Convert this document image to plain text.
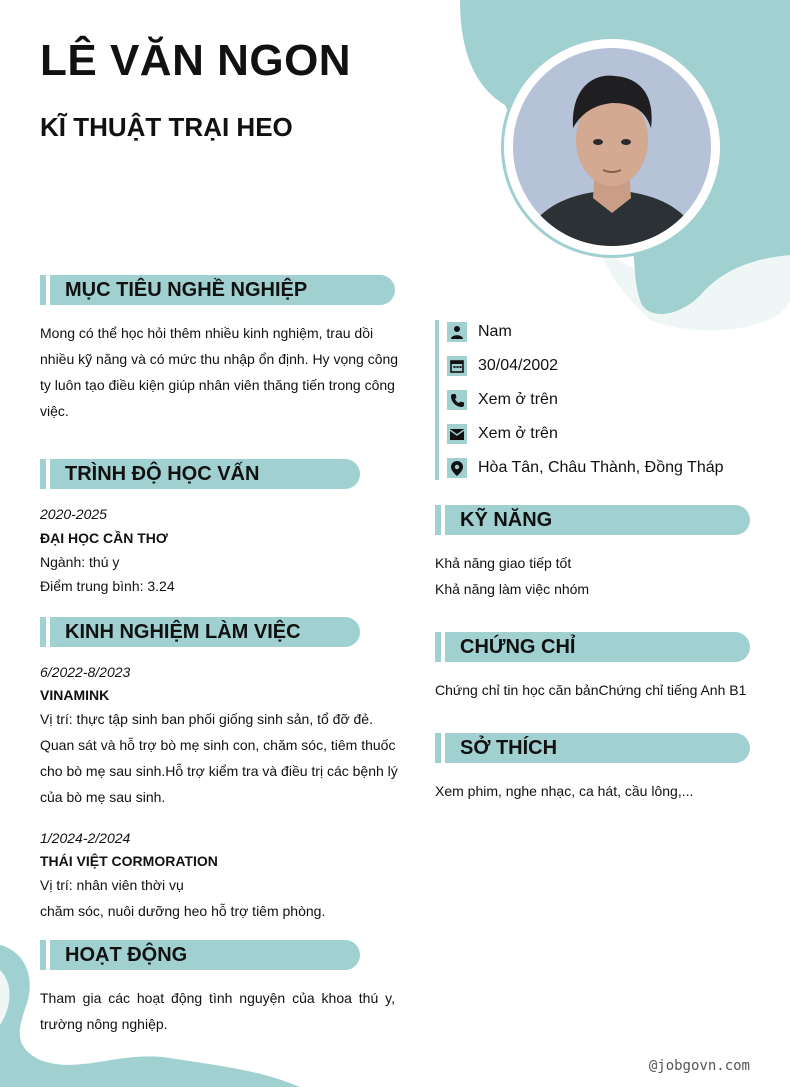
LÊ VĂN NGON
KĨ THUẬT TRẠI HEO
MỤC TIÊU NGHỀ NGHIỆP
Mong có thể học hỏi thêm nhiều kinh nghiệm, trau dồi
nhiều kỹ năng và có mức thu nhập ổn định. Hy vọng công
ty luôn tạo điều kiện giúp nhân viên thăng tiến trong công
việc.
TRÌNH ĐỘ HỌC VẤN
2020-2025
ĐẠI HỌC CẦN THƠ
Ngành: thú y
Điểm trung bình: 3.24
KINH NGHIỆM LÀM VIỆC
6/2022-8/2023
VINAMINK
Vị trí: thực tập sinh ban phối giống sinh sản, tổ đỡ đẻ.
Quan sát và hỗ trợ bò mẹ sinh con, chăm sóc, tiêm thuốc
cho bò mẹ sau sinh.Hỗ trợ kiểm tra và điều trị các bệnh lý
của bò mẹ sau sinh.
1/2024-2/2024
THÁI VIỆT CORMORATION
Vị trí: nhân viên thời vụ
chăm sóc, nuôi dưỡng heo hỗ trợ tiêm phòng.
HOẠT ĐỘNG
Tham gia các hoạt động tình nguyện của khoa thú y,
trường nông nghiệp.
Nam
30/04/2002
Xem ở trên
Xem ở trên
Hòa Tân, Châu Thành, Đồng Tháp
KỸ NĂNG
Khả năng giao tiếp tốt
Khả năng làm việc nhóm
CHỨNG CHỈ
Chứng chỉ tin học căn bảnChứng chỉ tiếng Anh B1
SỞ THÍCH
Xem phim, nghe nhạc, ca hát, cầu lông,...
@jobgovn.com
